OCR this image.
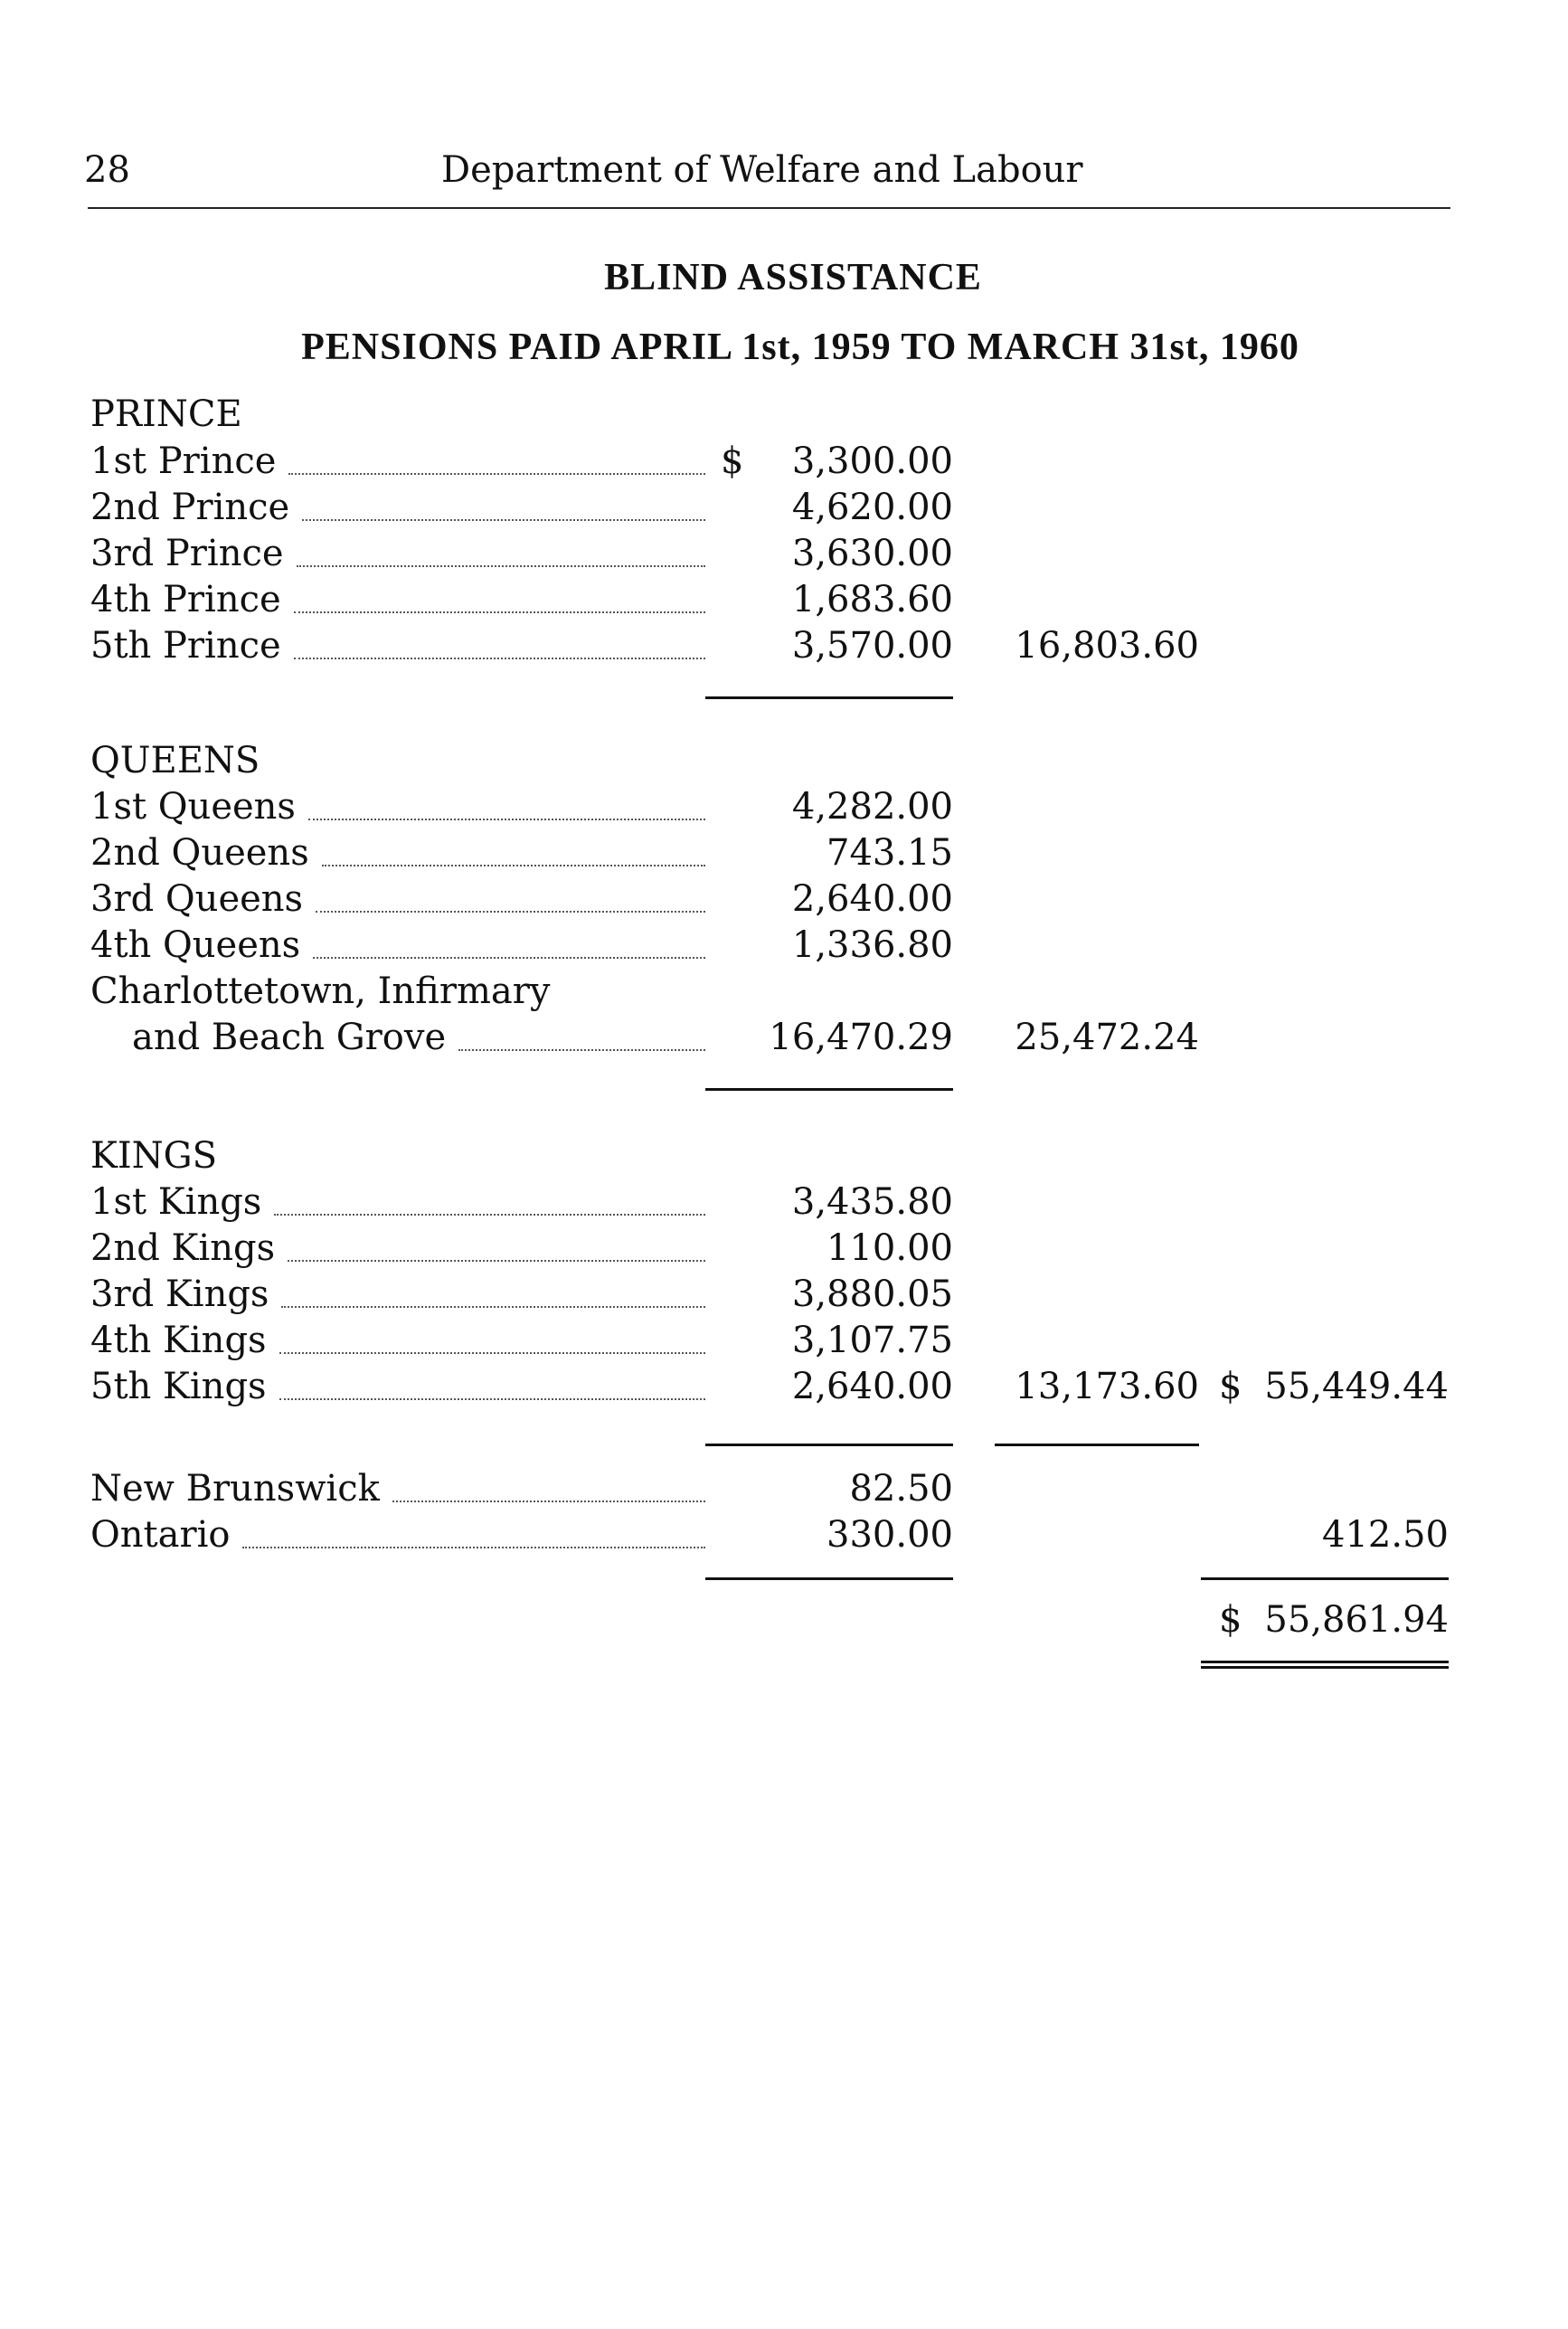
28	Department of Welfare and Labour
BLIND ASSISTANCE
PENSIONS PAID APRIL 1st, 1959 TO MARCH 31st, 1960
PRINCE
1st Prince	$ 3,300.00
2nd Prince	4,620.00
3rd Prince	3,630.00
4th Prince	1,683.60
5th Prince	3,570.00 16,803.60
QUEENS
1st Queens	4,282.00
2nd Queens	743.15
3rd Queens	2,640.00
4th Queens	1,336.80
Charlottetown, Infirmary
and Beach Grove	16,470.29 25,472.24
KINGS
1st Kings	3,435.80
2nd Kings	110.00
3rd Kings	3,880.05
4th Kings	3,107.75
5th Kings	2,640.00 13,173.60 $ 55,449.44
New Brunswick	82.50
Ontario	330.00	412.50
$ 55,861.94
